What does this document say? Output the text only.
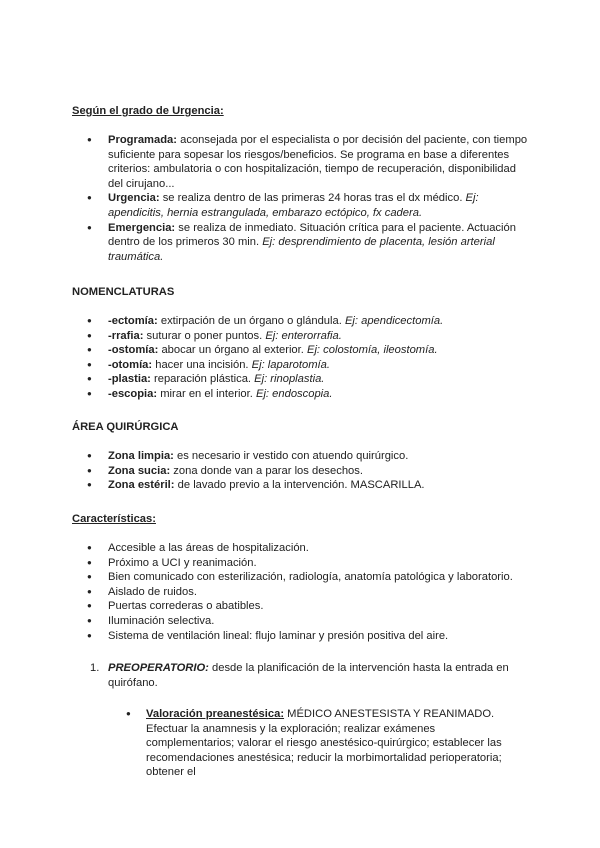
Según el grado de Urgencia:
● Programada: aconsejada por el especialista o por decisión del paciente, con tiempo suficiente para sopesar los riesgos/beneficios. Se programa en base a diferentes criterios: ambulatoria o con hospitalización, tiempo de recuperación, disponibilidad del cirujano...
● Urgencia: se realiza dentro de las primeras 24 horas tras el dx médico. Ej: apendicitis, hernia estrangulada, embarazo ectópico, fx cadera.
● Emergencia: se realiza de inmediato. Situación crítica para el paciente. Actuación dentro de los primeros 30 min. Ej: desprendimiento de placenta, lesión arterial traumática.
NOMENCLATURAS
● -ectomía: extirpación de un órgano o glándula. Ej: apendicectomía.
● -rrafia: suturar o poner puntos. Ej: enterorrafia.
● -ostomía: abocar un órgano al exterior. Ej: colostomía, ileostomía.
● -otomía: hacer una incisión. Ej: laparotomía.
● -plastia: reparación plástica. Ej: rinoplastia.
● -escopia: mirar en el interior. Ej: endoscopia.
ÁREA QUIRÚRGICA
● Zona limpia: es necesario ir vestido con atuendo quirúrgico.
● Zona sucia: zona donde van a parar los desechos.
● Zona estéril: de lavado previo a la intervención. MASCARILLA.
Características:
● Accesible a las áreas de hospitalización.
● Próximo a UCI y reanimación.
● Bien comunicado con esterilización, radiología, anatomía patológica y laboratorio.
● Aislado de ruidos.
● Puertas correderas o abatibles.
● Iluminación selectiva.
● Sistema de ventilación lineal: flujo laminar y presión positiva del aire.
1. PREOPERATORIO: desde la planificación de la intervención hasta la entrada en quirófano.
● Valoración preanestésica: MÉDICO ANESTESISTA Y REANIMADO. Efectuar la anamnesis y la exploración; realizar exámenes complementarios; valorar el riesgo anestésico-quirúrgico; establecer las recomendaciones anestésica; reducir la morbimortalidad perioperatoria; obtener el
